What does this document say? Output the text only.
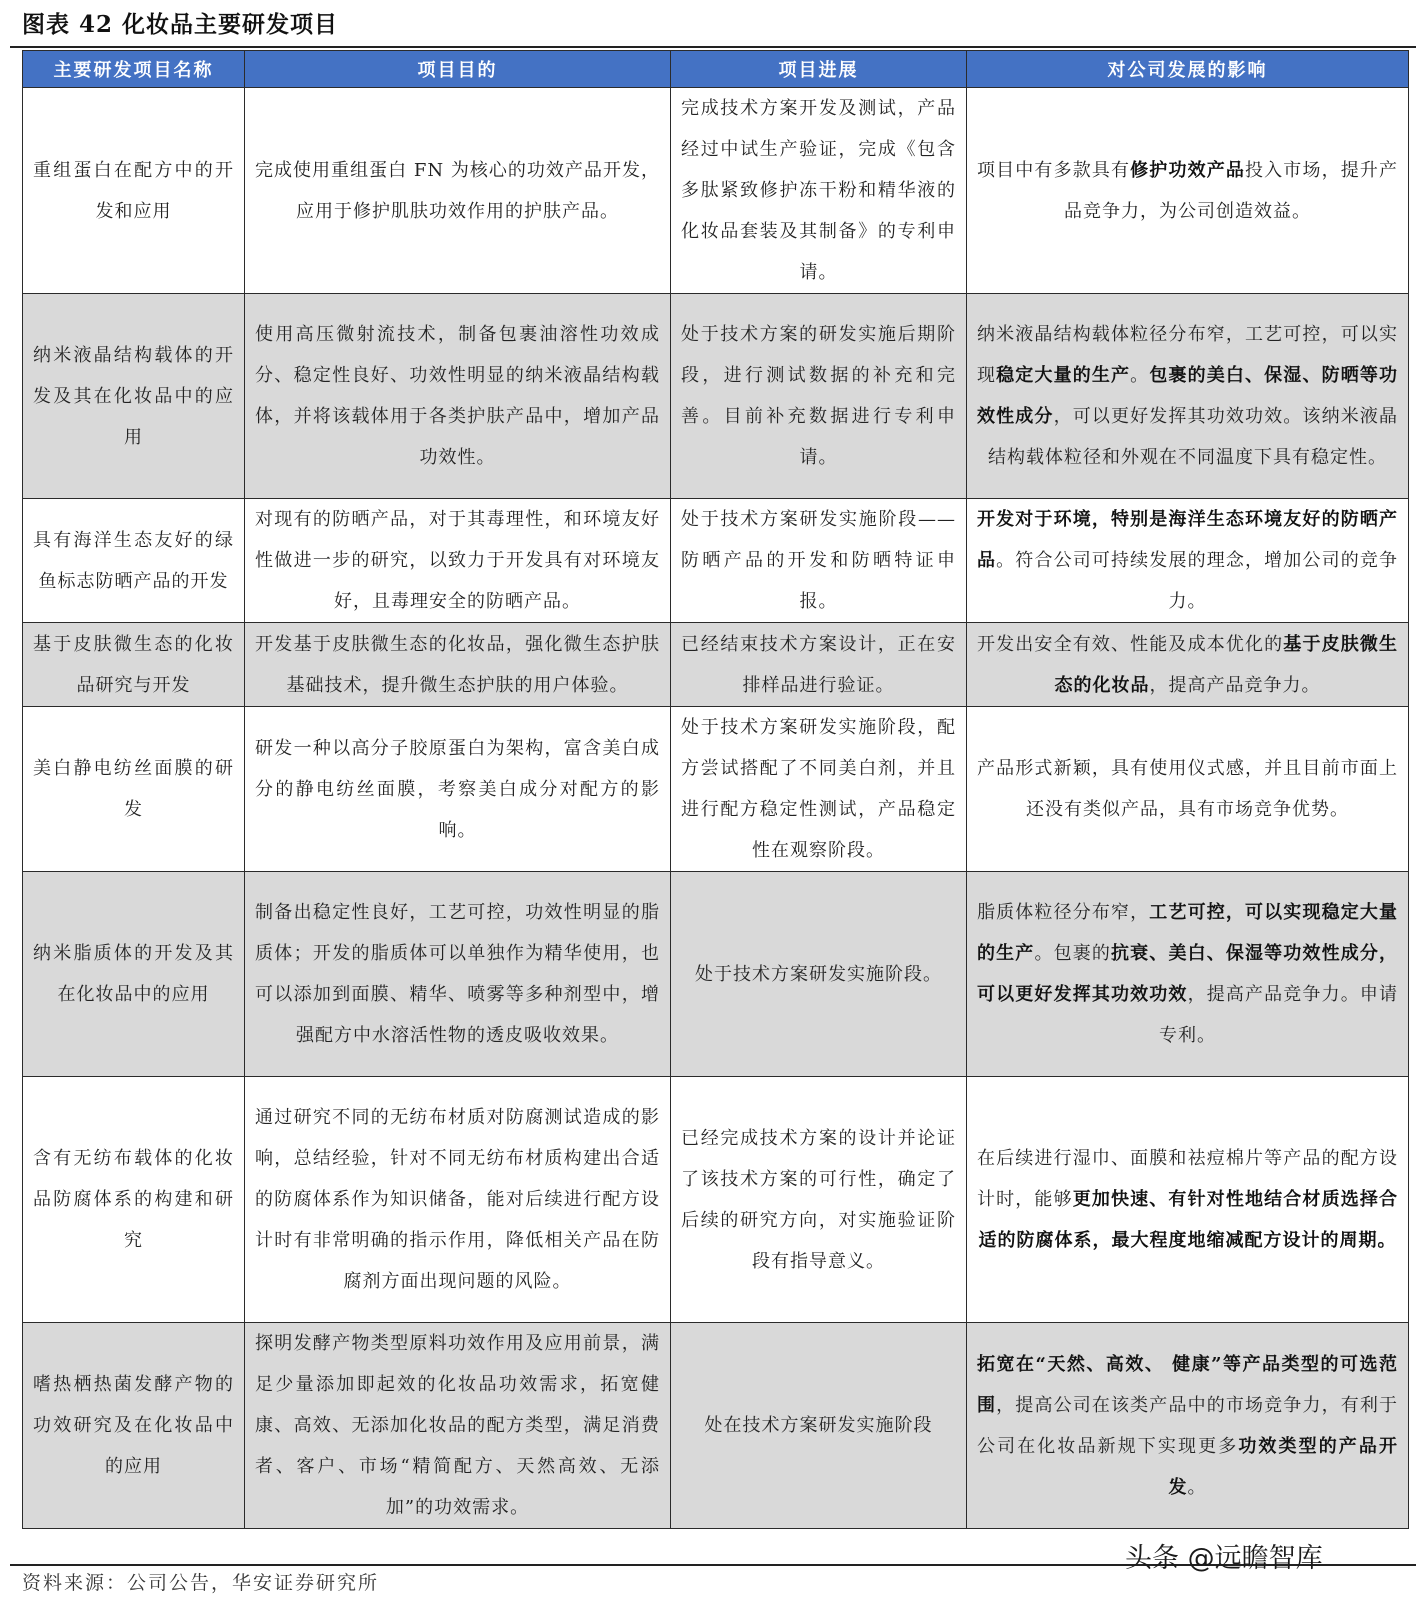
图表 42 化妆品主要研发项目
主要研发项目名称	项目目的	项目进展	对公司发展的影响
重组蛋白在配方中的开发和应用	完成使用重组蛋白 FN 为核心的功效产品开发，应用于修护肌肤功效作用的护肤产品。	完成技术方案开发及测试，产品经过中试生产验证，完成《包含多肽紧致修护冻干粉和精华液的化妆品套装及其制备》的专利申请。	项目中有多款具有修护功效产品投入市场，提升产品竞争力，为公司创造效益。
纳米液晶结构载体的开发及其在化妆品中的应用	使用高压微射流技术，制备包裹油溶性功效成分、稳定性良好、功效性明显的纳米液晶结构载体，并将该载体用于各类护肤产品中，增加产品功效性。	处于技术方案的研发实施后期阶段，进行测试数据的补充和完善。目前补充数据进行专利申请。	纳米液晶结构载体粒径分布窄，工艺可控，可以实现稳定大量的生产。包裹的美白、保湿、防晒等功效性成分，可以更好发挥其功效功效。该纳米液晶结构载体粒径和外观在不同温度下具有稳定性。
具有海洋生态友好的绿鱼标志防晒产品的开发	对现有的防晒产品，对于其毒理性，和环境友好性做进一步的研究，以致力于开发具有对环境友好，且毒理安全的防晒产品。	处于技术方案研发实施阶段——防晒产品的开发和防晒特证申报。	开发对于环境，特别是海洋生态环境友好的防晒产品。符合公司可持续发展的理念，增加公司的竞争力。
基于皮肤微生态的化妆品研究与开发	开发基于皮肤微生态的化妆品，强化微生态护肤基础技术，提升微生态护肤的用户体验。	已经结束技术方案设计，正在安排样品进行验证。	开发出安全有效、性能及成本优化的基于皮肤微生态的化妆品，提高产品竞争力。
美白静电纺丝面膜的研发	研发一种以高分子胶原蛋白为架构，富含美白成分的静电纺丝面膜，考察美白成分对配方的影响。	处于技术方案研发实施阶段，配方尝试搭配了不同美白剂，并且进行配方稳定性测试，产品稳定性在观察阶段。	产品形式新颖，具有使用仪式感，并且目前市面上还没有类似产品，具有市场竞争优势。
纳米脂质体的开发及其在化妆品中的应用	制备出稳定性良好，工艺可控，功效性明显的脂质体；开发的脂质体可以单独作为精华使用，也可以添加到面膜、精华、喷雾等多种剂型中，增强配方中水溶活性物的透皮吸收效果。	处于技术方案研发实施阶段。	脂质体粒径分布窄，工艺可控，可以实现稳定大量的生产。包裹的抗衰、美白、保湿等功效性成分，可以更好发挥其功效功效，提高产品竞争力。申请专利。
含有无纺布载体的化妆品防腐体系的构建和研究	通过研究不同的无纺布材质对防腐测试造成的影响，总结经验，针对不同无纺布材质构建出合适的防腐体系作为知识储备，能对后续进行配方设计时有非常明确的指示作用，降低相关产品在防腐剂方面出现问题的风险。	已经完成技术方案的设计并论证了该技术方案的可行性，确定了后续的研究方向，对实施验证阶段有指导意义。	在后续进行湿巾、面膜和祛痘棉片等产品的配方设计时，能够更加快速、有针对性地结合材质选择合适的防腐体系，最大程度地缩减配方设计的周期。
嗜热栖热菌发酵产物的功效研究及在化妆品中的应用	探明发酵产物类型原料功效作用及应用前景，满足少量添加即起效的化妆品功效需求，拓宽健康、高效、无添加化妆品的配方类型，满足消费者、客户、市场“精简配方、天然高效、无添加”的功效需求。	处在技术方案研发实施阶段	拓宽在“天然、高效、 健康”等产品类型的可选范围，提高公司在该类产品中的市场竞争力，有利于公司在化妆品新规下实现更多功效类型的产品开发。
资料来源：公司公告，华安证券研究所
头条 @远瞻智库
